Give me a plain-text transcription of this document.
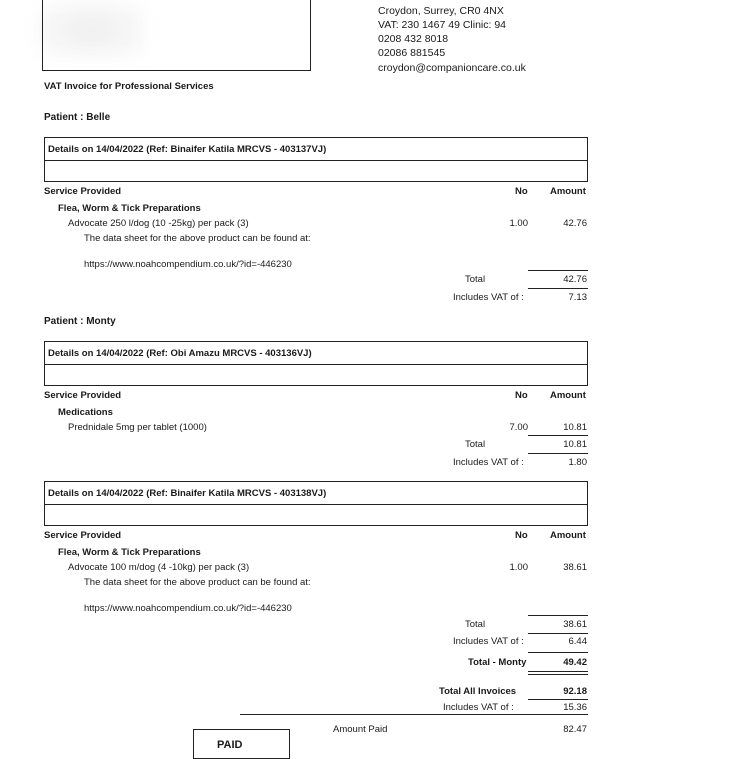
Croydon, Surrey, CR0 4NX
VAT: 230 1467 49 Clinic: 94
0208 432 8018
02086 881545
croydon@companioncare.co.uk
VAT Invoice for Professional Services
Patient : Belle
Details on 14/04/2022 (Ref: Binaifer Katila MRCVS - 403137VJ)
Service Provided	No Amount
Flea, Worm & Tick Preparations
Advocate 250 l/dog (10 -25kg) per pack (3)	1.00	42.76
The data sheet for the above product can be found at:
https://www.noahcompendium.co.uk/?id=-446230
Total	42.76
Includes VAT of :	7.13
Patient : Monty
Details on 14/04/2022 (Ref: Obi Amazu MRCVS - 403136VJ)
Service Provided	No Amount
Medications
Prednidale 5mg per tablet (1000)	7.00	10.81
Total	10.81
Includes VAT of :	1.80
Details on 14/04/2022 (Ref: Binaifer Katila MRCVS - 403138VJ)
Service Provided	No Amount
Flea, Worm & Tick Preparations
Advocate 100 m/dog (4 -10kg) per pack (3)	1.00	38.61
The data sheet for the above product can be found at:
https://www.noahcompendium.co.uk/?id=-446230
Total	38.61
Includes VAT of :	6.44
Total - Monty	49.42
Total All Invoices	92.18
Includes VAT of :	15.36
Amount Paid	82.47
PAID
